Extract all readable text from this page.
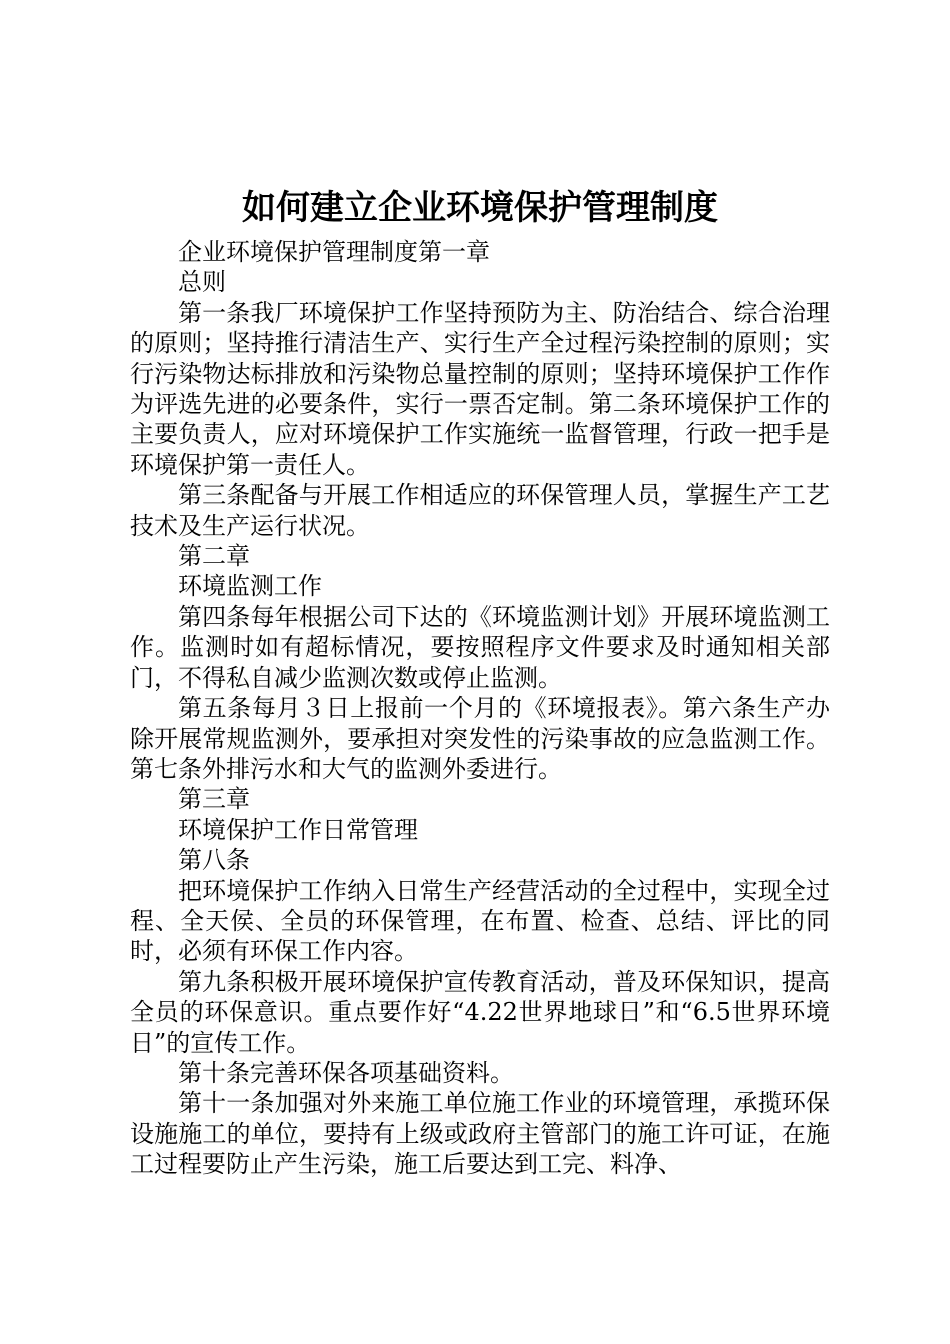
如何建立企业环境保护管理制度

企业环境保护管理制度第一章

总则

第一条我厂环境保护工作坚持预防为主、防治结合、综合治理的原则；坚持推行清洁生产、实行生产全过程污染控制的原则；实行污染物达标排放和污染物总量控制的原则；坚持环境保护工作作为评选先进的必要条件，实行一票否定制。第二条环境保护工作的主要负责人，应对环境保护工作实施统一监督管理，行政一把手是环境保护第一责任人。

第三条配备与开展工作相适应的环保管理人员，掌握生产工艺技术及生产运行状况。

第二章

环境监测工作

第四条每年根据公司下达的《环境监测计划》开展环境监测工作。监测时如有超标情况，要按照程序文件要求及时通知相关部门，不得私自减少监测次数或停止监测。

第五条每月３日上报前一个月的《环境报表》。第六条生产办除开展常规监测外，要承担对突发性的污染事故的应急监测工作。第七条外排污水和大气的监测外委进行。

第三章

环境保护工作日常管理

第八条

把环境保护工作纳入日常生产经营活动的全过程中，实现全过程、全天侯、全员的环保管理，在布置、检查、总结、评比的同时，必须有环保工作内容。

第九条积极开展环境保护宣传教育活动，普及环保知识，提高全员的环保意识。重点要作好“4.22世界地球日”和“6.5世界环境日”的宣传工作。

第十条完善环保各项基础资料。

第十一条加强对外来施工单位施工作业的环境管理，承揽环保设施施工的单位，要持有上级或政府主管部门的施工许可证，在施工过程要防止产生污染，施工后要达到工完、料净、
